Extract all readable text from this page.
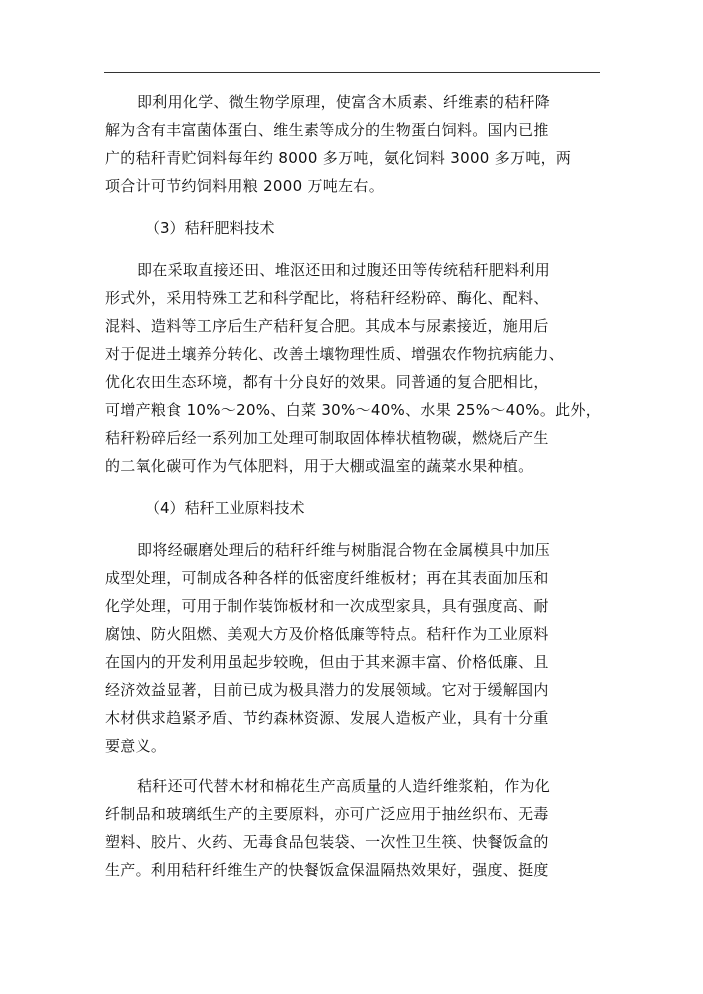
即利用化学、微生物学原理，使富含木质素、纤维素的秸秆降
解为含有丰富菌体蛋白、维生素等成分的生物蛋白饲料。国内已推
广的秸秆青贮饲料每年约 8000 多万吨，氨化饲料 3000 多万吨，两
项合计可节约饲料用粮 2000 万吨左右。

（3）秸秆肥料技术

即在采取直接还田、堆沤还田和过腹还田等传统秸秆肥料利用
形式外，采用特殊工艺和科学配比，将秸秆经粉碎、酶化、配料、
混料、造料等工序后生产秸秆复合肥。其成本与尿素接近，施用后
对于促进土壤养分转化、改善土壤物理性质、增强农作物抗病能力、
优化农田生态环境，都有十分良好的效果。同普通的复合肥相比，
可增产粮食 10%～20%、白菜 30%～40%、水果 25%～40%。此外，
秸秆粉碎后经一系列加工处理可制取固体棒状植物碳，燃烧后产生
的二氧化碳可作为气体肥料，用于大棚或温室的蔬菜水果种植。

（4）秸秆工业原料技术

即将经碾磨处理后的秸秆纤维与树脂混合物在金属模具中加压
成型处理，可制成各种各样的低密度纤维板材；再在其表面加压和
化学处理，可用于制作装饰板材和一次成型家具，具有强度高、耐
腐蚀、防火阻燃、美观大方及价格低廉等特点。秸秆作为工业原料
在国内的开发利用虽起步较晚，但由于其来源丰富、价格低廉、且
经济效益显著，目前已成为极具潜力的发展领域。它对于缓解国内
木材供求趋紧矛盾、节约森林资源、发展人造板产业，具有十分重
要意义。

秸秆还可代替木材和棉花生产高质量的人造纤维浆粕，作为化
纤制品和玻璃纸生产的主要原料，亦可广泛应用于抽丝织布、无毒
塑料、胶片、火药、无毒食品包装袋、一次性卫生筷、快餐饭盒的
生产。利用秸秆纤维生产的快餐饭盒保温隔热效果好，强度、挺度
